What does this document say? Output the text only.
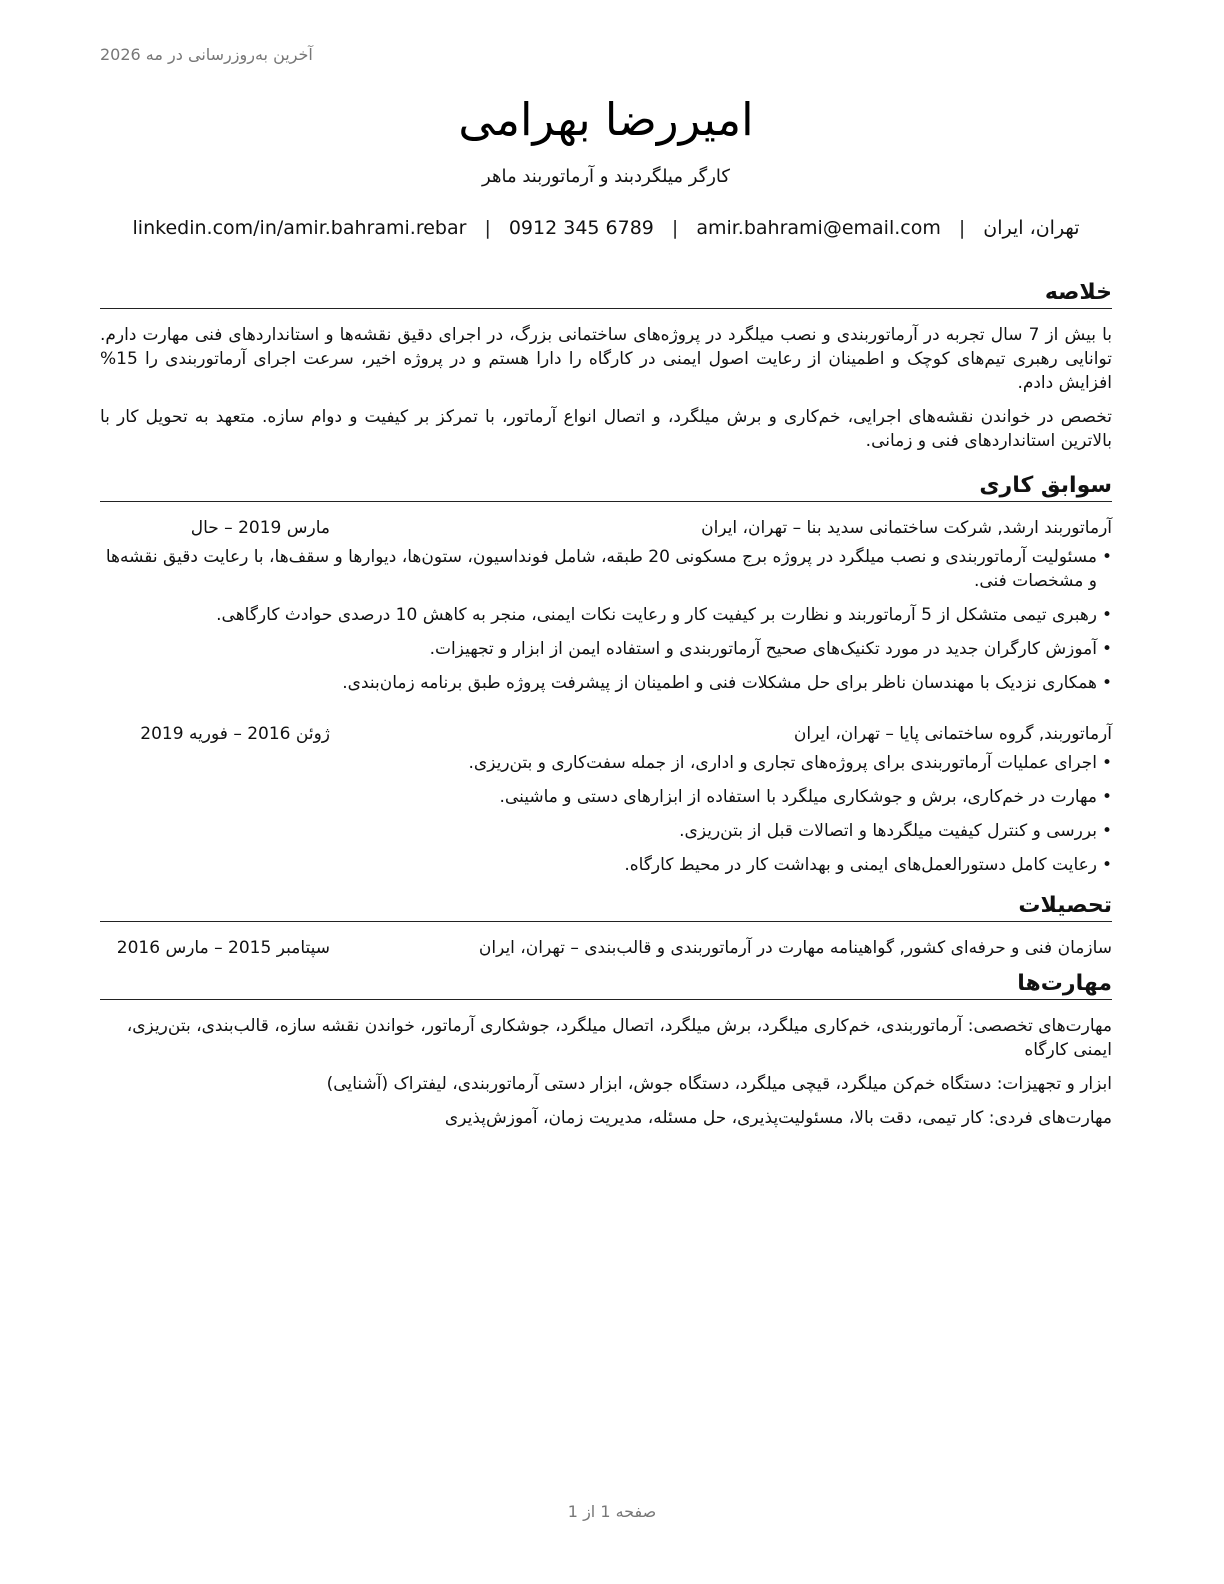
آخرین به‌روزرسانی در مه 2026
امیررضا بهرامی
کارگر میلگردبند و آرماتوربند ماهر
تهران، ایران
|
amir.bahrami@email.com
|
0912 345 6789
|
linkedin.com/in/amir.bahrami.rebar
خلاصه

با بیش از 7 سال تجربه در آرماتوربندی و نصب میلگرد در پروژه‌های ساختمانی بزرگ، در اجرای دقیق نقشه‌ها و استانداردهای فنی مهارت دارم. توانایی رهبری تیم‌های کوچک و اطمینان از رعایت اصول ایمنی در کارگاه را دارا هستم و در پروژه اخیر، سرعت اجرای آرماتوربندی را 15% افزایش دادم.

تخصص در خواندن نقشه‌های اجرایی، خم‌کاری و برش میلگرد، و اتصال انواع آرماتور، با تمرکز بر کیفیت و دوام سازه. متعهد به تحویل کار با بالاترین استانداردهای فنی و زمانی.

سوابق کاری
آرماتوربند ارشد, شرکت ساختمانی سدید بنا – تهران، ایران
مارس 2019 – حال
• مسئولیت آرماتوربندی و نصب میلگرد در پروژه برج مسکونی 20 طبقه، شامل فونداسیون، ستون‌ها، دیوارها و سقف‌ها، با رعایت دقیق نقشه‌ها و مشخصات فنی.
• رهبری تیمی متشکل از 5 آرماتوربند و نظارت بر کیفیت کار و رعایت نکات ایمنی، منجر به کاهش 10 درصدی حوادث کارگاهی.
• آموزش کارگران جدید در مورد تکنیک‌های صحیح آرماتوربندی و استفاده ایمن از ابزار و تجهیزات.
• همکاری نزدیک با مهندسان ناظر برای حل مشکلات فنی و اطمینان از پیشرفت پروژه طبق برنامه زمان‌بندی.
آرماتوربند, گروه ساختمانی پایا – تهران، ایران
ژوئن 2016 – فوریه 2019
• اجرای عملیات آرماتوربندی برای پروژه‌های تجاری و اداری، از جمله سفت‌کاری و بتن‌ریزی.
• مهارت در خم‌کاری، برش و جوشکاری میلگرد با استفاده از ابزارهای دستی و ماشینی.
• بررسی و کنترل کیفیت میلگردها و اتصالات قبل از بتن‌ریزی.
• رعایت کامل دستورالعمل‌های ایمنی و بهداشت کار در محیط کارگاه.
تحصیلات
سازمان فنی و حرفه‌ای کشور, گواهینامه مهارت در آرماتوربندی و قالب‌بندی – تهران، ایران
سپتامبر 2015 – مارس 2016
مهارت‌ها
مهارت‌های تخصصی: آرماتوربندی، خم‌کاری میلگرد، برش میلگرد، اتصال میلگرد، جوشکاری آرماتور، خواندن نقشه سازه، قالب‌بندی، بتن‌ریزی، ایمنی کارگاه
ابزار و تجهیزات: دستگاه خم‌کن میلگرد، قیچی میلگرد، دستگاه جوش، ابزار دستی آرماتوربندی، لیفتراک (آشنایی)
مهارت‌های فردی: کار تیمی، دقت بالا، مسئولیت‌پذیری، حل مسئله، مدیریت زمان، آموزش‌پذیری
صفحه 1 از 1
